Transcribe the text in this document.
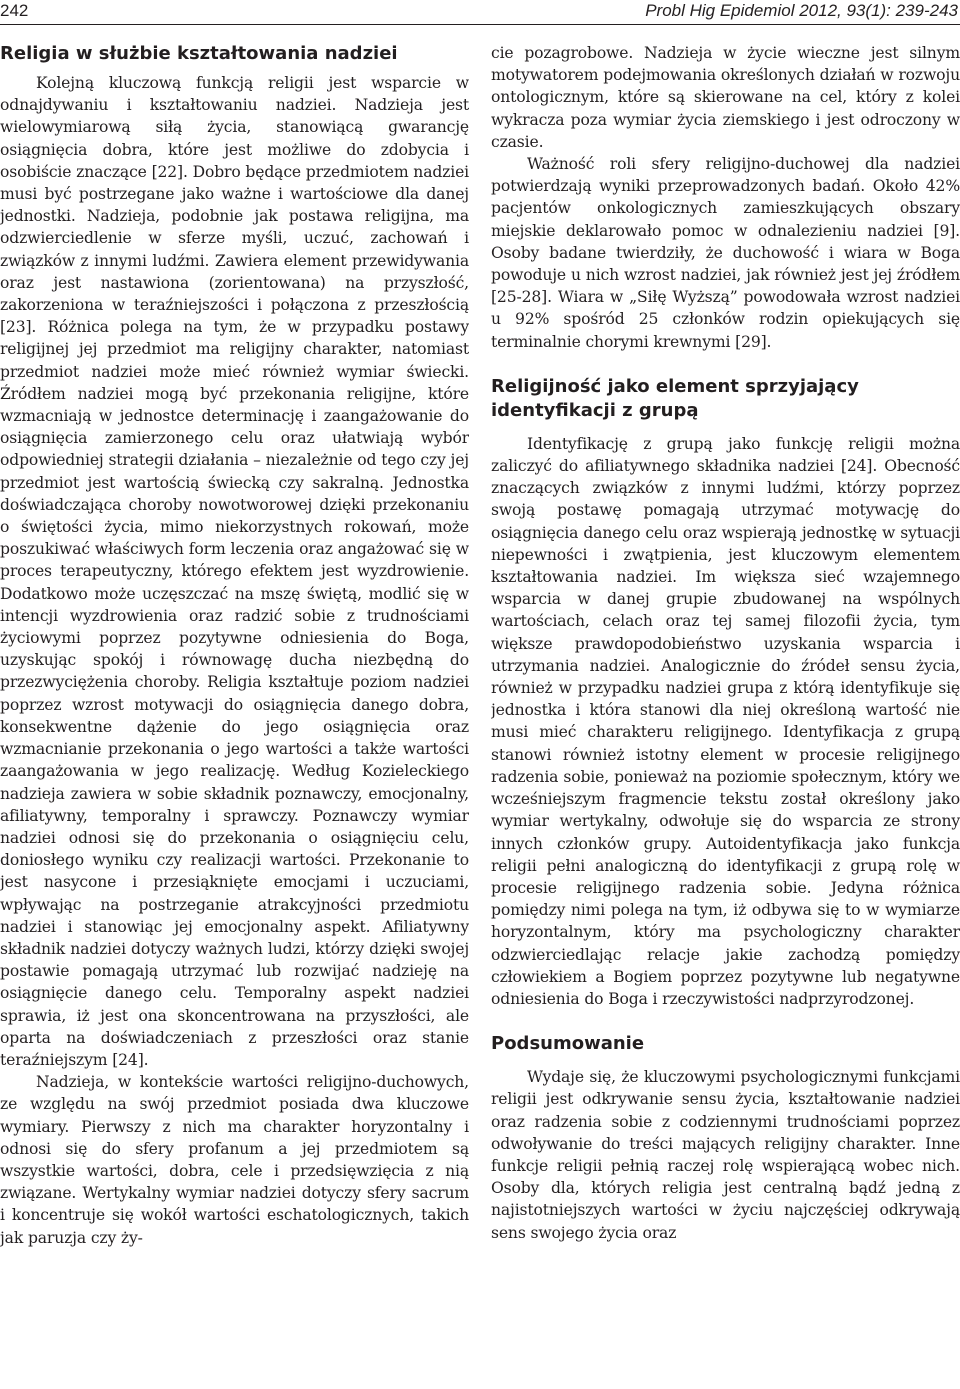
242	Probl Hig Epidemiol 2012, 93(1): 239-243
Religia w służbie kształtowania nadziei

Kolejną kluczową funkcją religii jest wsparcie w odnajdywaniu i kształtowaniu nadziei. Nadzieja jest wielowymiarową siłą życia, stanowiącą gwarancję osiągnięcia dobra, które jest możliwe do zdobycia i osobiście znaczące [22]. Dobro będące przedmiotem nadziei musi być postrzegane jako ważne i wartościowe dla danej jednostki. Nadzieja, podobnie jak postawa religijna, ma odzwierciedlenie w sferze myśli, uczuć, zachowań i związków z innymi ludźmi. Zawiera element przewidywania oraz jest nastawiona (zorientowana) na przyszłość, zakorzeniona w teraźniejszości i połączona z przeszłością [23]. Różnica polega na tym, że w przypadku postawy religijnej jej przedmiot ma religijny charakter, natomiast przedmiot nadziei może mieć również wymiar świecki. Źródłem nadziei mogą być przekonania religijne, które wzmacniają w jednostce determinację i zaangażowanie do osiągnięcia zamierzonego celu oraz ułatwiają wybór odpowiedniej strategii działania – niezależnie od tego czy jej przedmiot jest wartością świecką czy sakralną. Jednostka doświadczająca choroby nowotworowej dzięki przekonaniu o świętości życia, mimo niekorzystnych rokowań, może poszukiwać właściwych form leczenia oraz angażować się w proces terapeutyczny, którego efektem jest wyzdrowienie. Dodatkowo może uczęszczać na mszę świętą, modlić się w intencji wyzdrowienia oraz radzić sobie z trudnościami życiowymi poprzez pozytywne odniesienia do Boga, uzyskując spokój i równowagę ducha niezbędną do przezwyciężenia choroby. Religia kształtuje poziom nadziei poprzez wzrost motywacji do osiągnięcia danego dobra, konsekwentne dążenie do jego osiągnięcia oraz wzmacnianie przekonania o jego wartości a także wartości zaangażowania w jego realizację. Według Kozieleckiego nadzieja zawiera w sobie składnik poznawczy, emocjonalny, afiliatywny, temporalny i sprawczy. Poznawczy wymiar nadziei odnosi się do przekonania o osiągnięciu celu, doniosłego wyniku czy realizacji wartości. Przekonanie to jest nasycone i przesiąknięte emocjami i uczuciami, wpływając na postrzeganie atrakcyjności przedmiotu nadziei i stanowiąc jej emocjonalny aspekt. Afiliatywny składnik nadziei dotyczy ważnych ludzi, którzy dzięki swojej postawie pomagają utrzymać lub rozwijać nadzieję na osiągnięcie danego celu. Temporalny aspekt nadziei sprawia, iż jest ona skoncentrowana na przyszłości, ale oparta na doświadczeniach z przeszłości oraz stanie teraźniejszym [24].

Nadzieja, w kontekście wartości religijno-duchowych, ze względu na swój przedmiot posiada dwa kluczowe wymiary. Pierwszy z nich ma charakter horyzontalny i odnosi się do sfery profanum a jej przedmiotem są wszystkie wartości, dobra, cele i przedsięwzięcia z nią związane. Wertykalny wymiar nadziei dotyczy sfery sacrum i koncentruje się wokół wartości eschatologicznych, takich jak paruzja czy ży-

cie pozagrobowe. Nadzieja w życie wieczne jest silnym motywatorem podejmowania określonych działań w rozwoju ontologicznym, które są skierowane na cel, który z kolei wykracza poza wymiar życia ziemskiego i jest odroczony w czasie.

Ważność roli sfery religijno-duchowej dla nadziei potwierdzają wyniki przeprowadzonych badań. Około 42% pacjentów onkologicznych zamieszkujących obszary miejskie deklarowało pomoc w odnalezieniu nadziei [9]. Osoby badane twierdziły, że duchowość i wiara w Boga powoduje u nich wzrost nadziei, jak również jest jej źródłem [25-28]. Wiara w „Siłę Wyższą” powodowała wzrost nadziei u 92% spośród 25 członków rodzin opiekujących się terminalnie chorymi krewnymi [29].

Religijność jako element sprzyjający identyfikacji z grupą

Identyfikację z grupą jako funkcję religii można zaliczyć do afiliatywnego składnika nadziei [24]. Obecność znaczących związków z innymi ludźmi, którzy poprzez swoją postawę pomagają utrzymać motywację do osiągnięcia danego celu oraz wspierają jednostkę w sytuacji niepewności i zwątpienia, jest kluczowym elementem kształtowania nadziei. Im większa sieć wzajemnego wsparcia w danej grupie zbudowanej na wspólnych wartościach, celach oraz tej samej filozofii życia, tym większe prawdopodobieństwo uzyskania wsparcia i utrzymania nadziei. Analogicznie do źródeł sensu życia, również w przypadku nadziei grupa z którą identyfikuje się jednostka i która stanowi dla niej określoną wartość nie musi mieć charakteru religijnego. Identyfikacja z grupą stanowi również istotny element w procesie religijnego radzenia sobie, ponieważ na poziomie społecznym, który we wcześniejszym fragmencie tekstu został określony jako wymiar wertykalny, odwołuje się do wsparcia ze strony innych członków grupy. Autoidentyfikacja jako funkcja religii pełni analogiczną do identyfikacji z grupą rolę w procesie religijnego radzenia sobie. Jedyna różnica pomiędzy nimi polega na tym, iż odbywa się to w wymiarze horyzontalnym, który ma psychologiczny charakter odzwierciedlając relacje jakie zachodzą pomiędzy człowiekiem a Bogiem poprzez pozytywne lub negatywne odniesienia do Boga i rzeczywistości nadprzyrodzonej.

Podsumowanie

Wydaje się, że kluczowymi psychologicznymi funkcjami religii jest odkrywanie sensu życia, kształtowanie nadziei oraz radzenia sobie z codziennymi trudnościami poprzez odwoływanie do treści mających religijny charakter. Inne funkcje religii pełnią raczej rolę wspierającą wobec nich. Osoby dla, których religia jest centralną bądź jedną z najistotniejszych wartości w życiu najczęściej odkrywają sens swojego życia oraz
